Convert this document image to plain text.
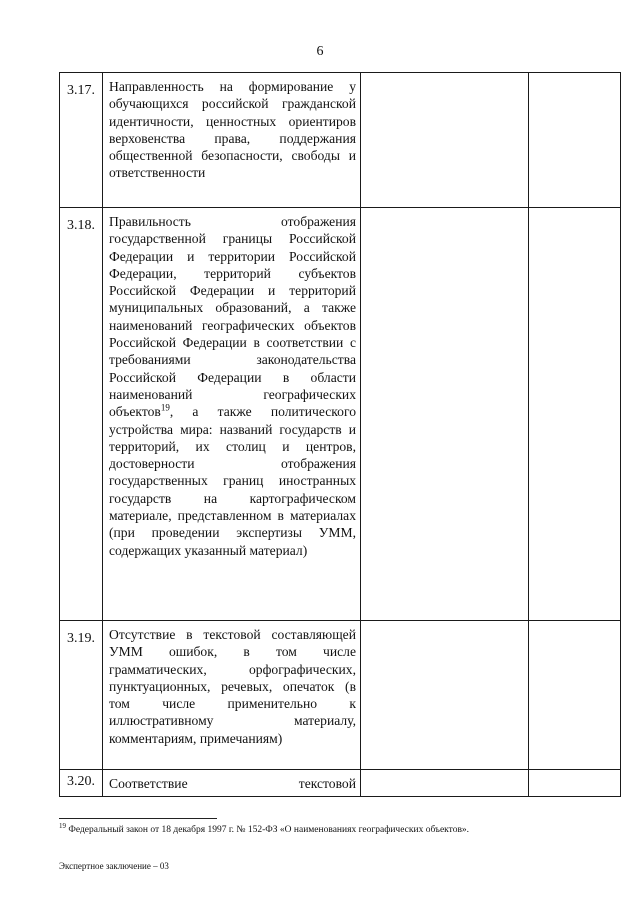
6
3.17.	Направленность на формирование у обучающихся российской гражданской идентичности, ценностных ориентиров верховенства права, поддержания общественной безопасности, свободы и ответственности		
3.18.	Правильность отображения государственной границы Российской Федерации и территории Российской Федерации, территорий субъектов Российской Федерации и территорий муниципальных образований, а также наименований географических объектов Российской Федерации в соответствии с требованиями законодательства Российской Федерации в области наименований географических объектов$^{19}$, а также политического устройства мира: названий государств и территорий, их столиц и центров, достоверности отображения государственных границ иностранных государств на картографическом материале, представленном в материалах (при проведении экспертизы УММ, содержащих указанный материал)		
3.19.	Отсутствие в текстовой составляющей УММ ошибок, в том числе грамматических, орфографических, пунктуационных, речевых, опечаток (в том числе применительно к иллюстративному материалу, комментариям, примечаниям)		
3.20.	Соответствие текстовой		
$^{19}$ Федеральный закон от 18 декабря 1997 г. № 152-ФЗ «О наименованиях географических объектов».
Экспертное заключение – 03
